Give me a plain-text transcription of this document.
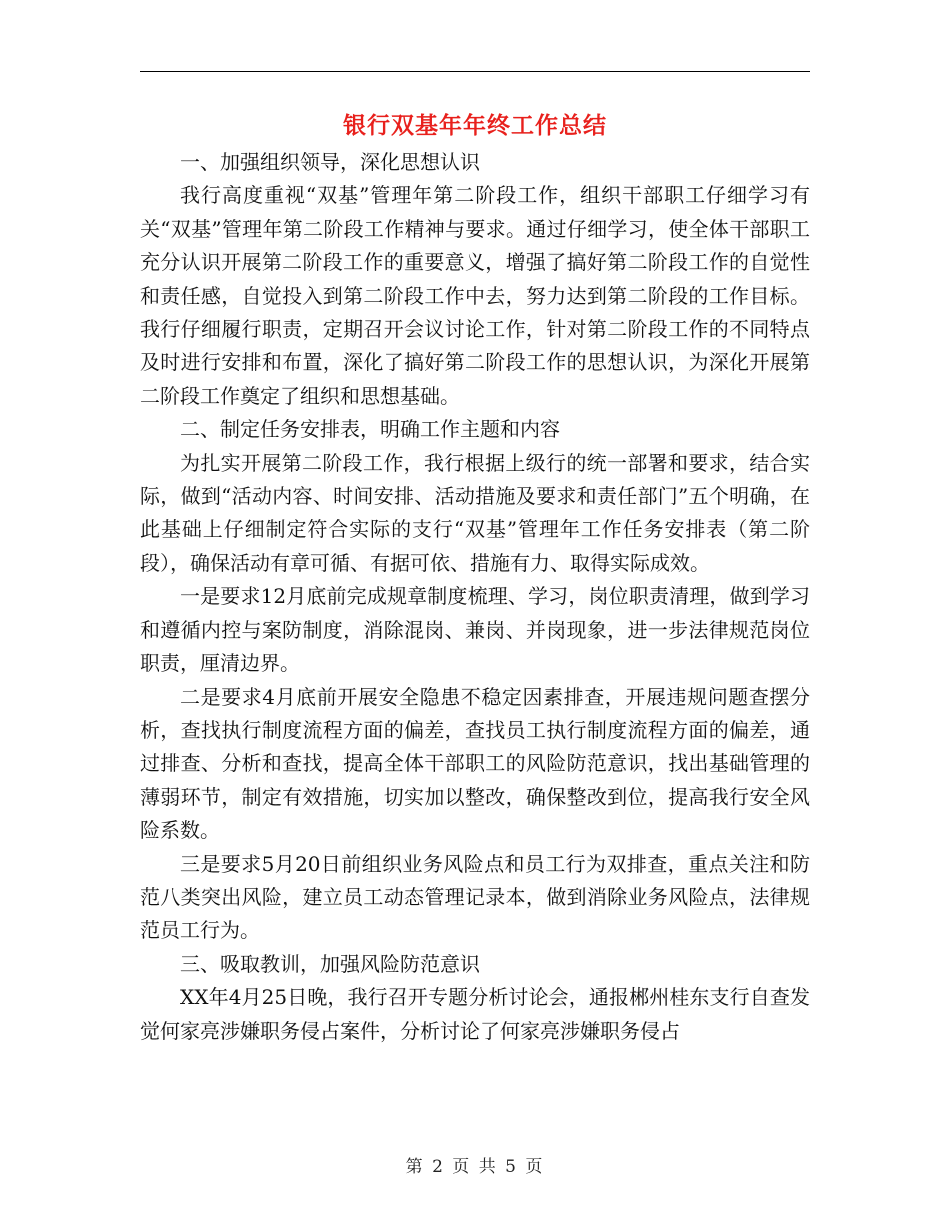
银行双基年年终工作总结

一、加强组织领导，深化思想认识

我行高度重视“双基”管理年第二阶段工作，组织干部职工仔细学习有关“双基”管理年第二阶段工作精神与要求。通过仔细学习，使全体干部职工充分认识开展第二阶段工作的重要意义，增强了搞好第二阶段工作的自觉性和责任感，自觉投入到第二阶段工作中去，努力达到第二阶段的工作目标。我行仔细履行职责，定期召开会议讨论工作，针对第二阶段工作的不同特点及时进行安排和布置，深化了搞好第二阶段工作的思想认识，为深化开展第二阶段工作奠定了组织和思想基础。

二、制定任务安排表，明确工作主题和内容

为扎实开展第二阶段工作，我行根据上级行的统一部署和要求，结合实际，做到“活动内容、时间安排、活动措施及要求和责任部门”五个明确，在此基础上仔细制定符合实际的支行“双基”管理年工作任务安排表（第二阶段），确保活动有章可循、有据可依、措施有力、取得实际成效。

一是要求12月底前完成规章制度梳理、学习，岗位职责清理，做到学习和遵循内控与案防制度，消除混岗、兼岗、并岗现象，进一步法律规范岗位职责，厘清边界。

二是要求4月底前开展安全隐患不稳定因素排查，开展违规问题查摆分析，查找执行制度流程方面的偏差，查找员工执行制度流程方面的偏差，通过排查、分析和查找，提高全体干部职工的风险防范意识，找出基础管理的薄弱环节，制定有效措施，切实加以整改，确保整改到位，提高我行安全风险系数。

三是要求5月20日前组织业务风险点和员工行为双排查，重点关注和防范八类突出风险，建立员工动态管理记录本，做到消除业务风险点，法律规范员工行为。

三、吸取教训，加强风险防范意识

XX年4月25日晚，我行召开专题分析讨论会，通报郴州桂东支行自查发觉何家亮涉嫌职务侵占案件，分析讨论了何家亮涉嫌职务侵占

第 2 页 共 5 页
